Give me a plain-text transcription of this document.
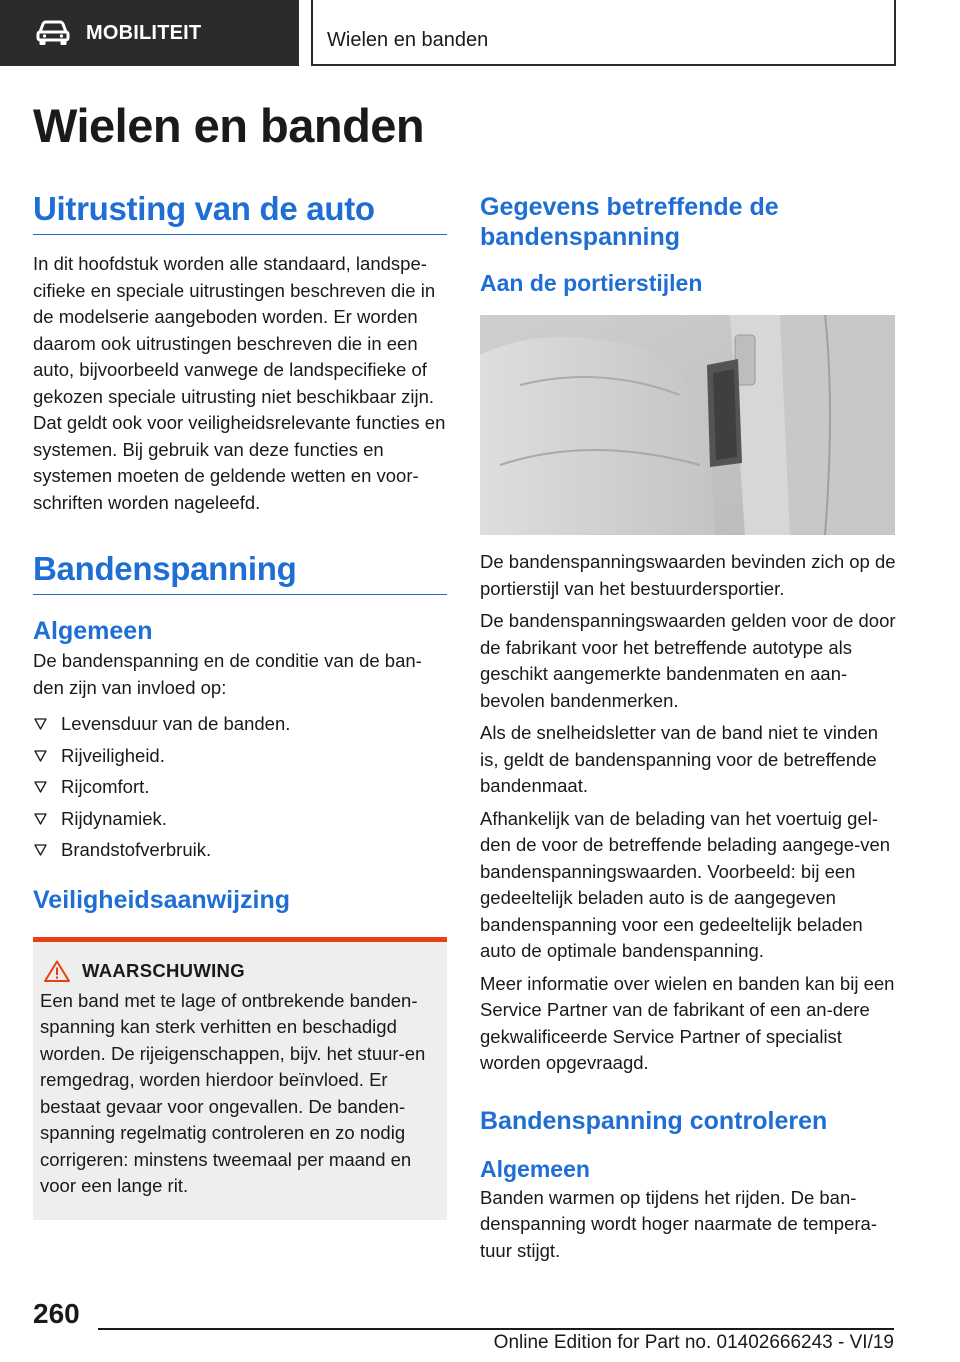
MOBILITEIT	Wielen en banden
Wielen en banden
Uitrusting van de auto

In dit hoofdstuk worden alle standaard, landspe-cifieke en speciale uitrustingen beschreven die in de modelserie aangeboden worden. Er worden daarom ook uitrustingen beschreven die in een auto, bijvoorbeeld vanwege de landspecifieke of gekozen speciale uitrusting niet beschikbaar zijn. Dat geldt ook voor veiligheidsrelevante functies en systemen. Bij gebruik van deze functies en systemen moeten de geldende wetten en voor-schriften worden nageleefd.

Bandenspanning
Algemeen

De bandenspanning en de conditie van de ban-den zijn van invloed op:

Levensduur van de banden.
Rijveiligheid.
Rijcomfort.
Rijdynamiek.
Brandstofverbruik.
Veiligheidsaanwijzing
WAARSCHUWING

Een band met te lage of ontbrekende banden-spanning kan sterk verhitten en beschadigd worden. De rijeigenschappen, bijv. het stuur-en remgedrag, worden hierdoor beïnvloed. Er bestaat gevaar voor ongevallen. De banden-spanning regelmatig controleren en zo nodig corrigeren: minstens tweemaal per maand en voor een lange rit.

Gegevens betreffende de bandenspanning
Aan de portierstijlen

De bandenspanningswaarden bevinden zich op de portierstijl van het bestuurdersportier.

De bandenspanningswaarden gelden voor de door de fabrikant voor het betreffende autotype als geschikt aangemerkte bandenmaten en aan-bevolen bandenmerken.

Als de snelheidsletter van de band niet te vinden is, geldt de bandenspanning voor de betreffende bandenmaat.

Afhankelijk van de belading van het voertuig gel-den de voor de betreffende belading aangege-ven bandenspanningswaarden. Voorbeeld: bij een gedeeltelijk beladen auto is de aangegeven bandenspanning voor een gedeeltelijk beladen auto de optimale bandenspanning.

Meer informatie over wielen en banden kan bij een Service Partner van de fabrikant of een an-dere gekwalificeerde Service Partner of specialist worden opgevraagd.

Bandenspanning controleren
Algemeen

Banden warmen op tijdens het rijden. De ban-denspanning wordt hoger naarmate de tempera-tuur stijgt.

260
Online Edition for Part no. 01402666243 - VI/19
